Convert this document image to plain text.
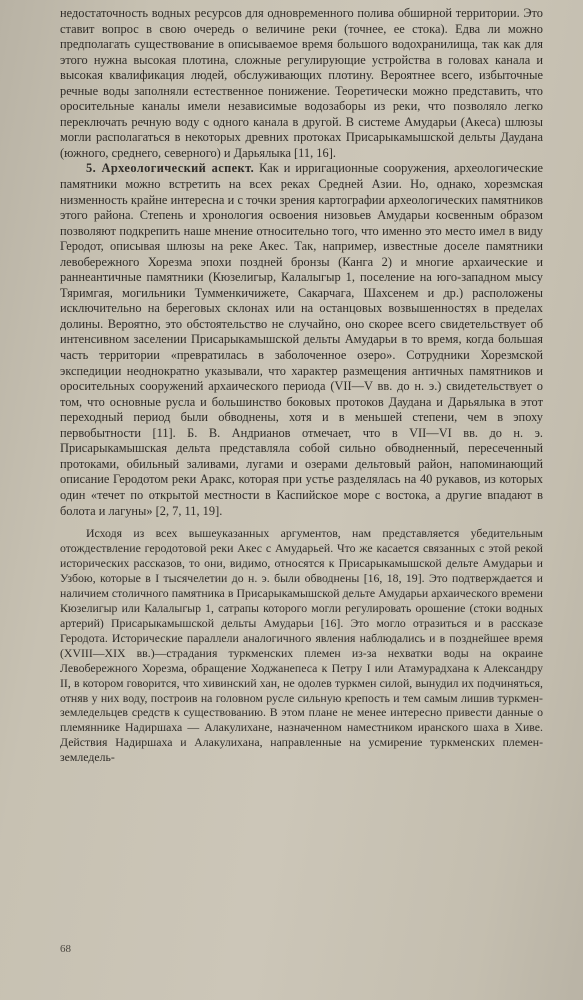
недостаточность водных ресурсов для одновременного полива обширной территории. Это ставит вопрос в свою очередь о величине реки (точнее, ее стока). Едва ли можно предполагать существование в описываемое время большого водохранилища, так как для этого нужна высокая плотина, сложные регулирующие устройства в головах канала и высокая квалификация людей, обслуживающих плотину. Вероятнее всего, избыточные речные воды заполняли естественное понижение. Теоретически можно представить, что оросительные каналы имели независимые водозаборы из реки, что позволяло легко переключать речную воду с одного канала в другой. В системе Амударьи (Акеса) шлюзы могли располагаться в некоторых древних протоках Присарыкамышской дельты Даудана (южного, среднего, северного) и Дарьялыка [11, 16].

5. Археологический аспект. Как и ирригационные сооружения, археологические памятники можно встретить на всех реках Средней Азии. Но, однако, хорезмская низменность крайне интересна и с точки зрения картографии археологических памятников этого района. Степень и хронология освоения низовьев Амударьи косвенным образом позволяют подкрепить наше мнение относительно того, что именно это место имел в виду Геродот, описывая шлюзы на реке Акес. Так, например, известные доселе памятники левобережного Хорезма эпохи поздней бронзы (Канга 2) и многие архаические и раннеантичные памятники (Кюзелигыр, Калалыгыр 1, поселение на юго-западном мысу Тяримгая, могильники Тумменкичижете, Сакарчага, Шахсенем и др.) расположены исключительно на береговых склонах или на останцовых возвышенностях в пределах долины. Вероятно, это обстоятельство не случайно, оно скорее всего свидетельствует об интенсивном заселении Присарыкамышской дельты Амударьи в то время, когда большая часть территории «превратилась в заболоченное озеро». Сотрудники Хорезмской экспедиции неоднократно указывали, что характер размещения античных памятников и оросительных сооружений архаического периода (VII—V вв. до н. э.) свидетельствует о том, что основные русла и большинство боковых протоков Даудана и Дарьялыка в этот переходный период были обводнены, хотя и в меньшей степени, чем в эпоху первобытности [11]. Б. В. Андрианов отмечает, что в VII—VI вв. до н. э. Присарыкамышская дельта представляла собой сильно обводненный, пересеченный протоками, обильный заливами, лугами и озерами дельтовый район, напоминающий описание Геродотом реки Аракс, которая при устье разделялась на 40 рукавов, из которых один «течет по открытой местности в Каспийское море с востока, а другие впадают в болота и лагуны» [2, 7, 11, 19].

Исходя из всех вышеуказанных аргументов, нам представляется убедительным отождествление геродотовой реки Акес с Амударьей. Что же касается связанных с этой рекой исторических рассказов, то они, видимо, относятся к Присарыкамышской дельте Амударьи и Узбою, которые в I тысячелетии до н. э. были обводнены [16, 18, 19]. Это подтверждается и наличием столичного памятника в Присарыкамышской дельте Амударьи архаического времени Кюзелигыр или Калалыгыр 1, сатрапы которого могли регулировать орошение (стоки водных артерий) Присарыкамышской дельты Амударьи [16]. Это могло отразиться и в рассказе Геродота. Исторические параллели аналогичного явления наблюдались и в позднейшее время (XVIII—XIX вв.)—страдания туркменских племен из-за нехватки воды на окраине Левобережного Хорезма, обращение Ходжанепеса к Петру I или Атамурадхана к Александру II, в котором говорится, что хивинский хан, не одолев туркмен силой, вынудил их подчиняться, отняв у них воду, построив на головном русле сильную крепость и тем самым лишив туркмен-земледельцев средств к существованию. В этом плане не менее интересно привести данные о племяннике Надиршаха — Алакулихане, назначенном наместником иранского шаха в Хиве. Действия Надиршаха и Алакулихана, направленные на усмирение туркменских племен-земледель-

68
